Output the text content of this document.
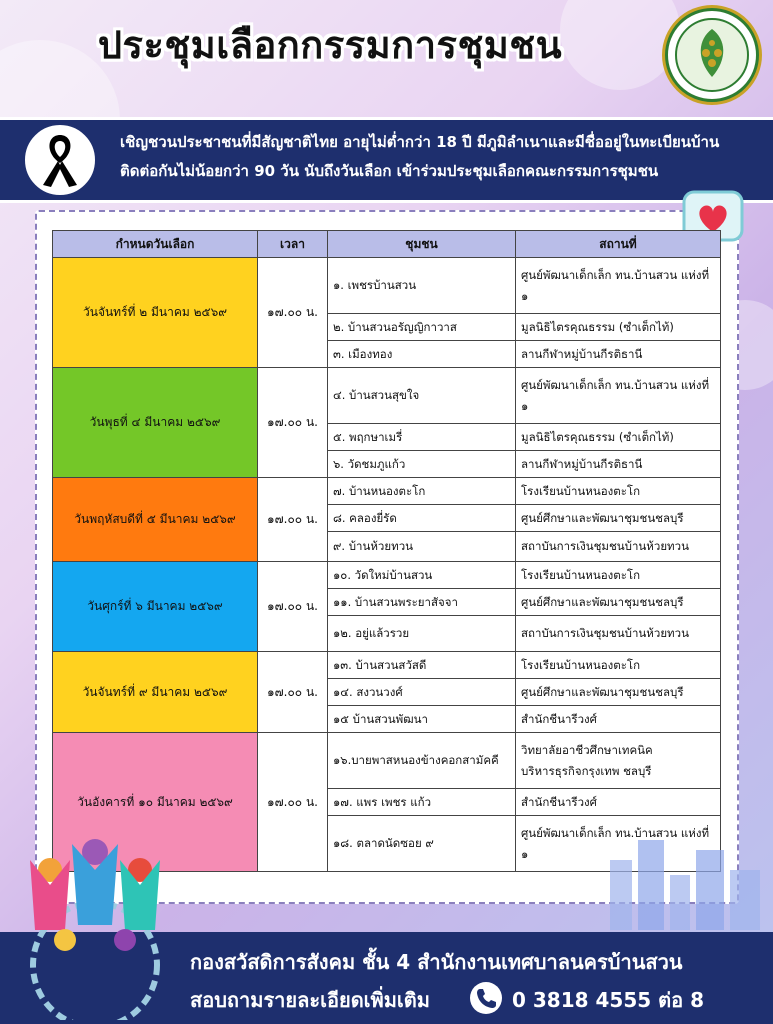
ประชุมเลือกกรรมการชุมชน
เชิญชวนประชาชนที่มีสัญชาติไทย อายุไม่ต่ำกว่า 18 ปี มีภูมิลำเนาและมีชื่ออยู่ในทะเบียนบ้าน
ติดต่อกันไม่น้อยกว่า 90 วัน นับถึงวันเลือก เข้าร่วมประชุมเลือกคณะกรรมการชุมชน
กำหนดวันเลือก	เวลา	ชุมชน	สถานที่
วันจันทร์ที่ ๒ มีนาคม ๒๕๖๙	๑๗.๐๐ น.	๑. เพชรบ้านสวน	ศูนย์พัฒนาเด็กเล็ก ทน.บ้านสวน แห่งที่ ๑
		๒. บ้านสวนอรัญญิกาวาส	มูลนิธิไตรคุณธรรม (ซำเต็กไท้)
		๓. เมืองทอง	ลานกีฬาหมู่บ้านกีรติธานี
วันพุธที่ ๔ มีนาคม ๒๕๖๙	๑๗.๐๐ น.	๔. บ้านสวนสุขใจ	ศูนย์พัฒนาเด็กเล็ก ทน.บ้านสวน แห่งที่ ๑
		๕. พฤกษาเมรี่	มูลนิธิไตรคุณธรรม (ซำเต็กไท้)
		๖. วัดชมภูแก้ว	ลานกีฬาหมู่บ้านกีรติธานี
วันพฤหัสบดีที่ ๕ มีนาคม ๒๕๖๙	๑๗.๐๐ น.	๗. บ้านหนองตะโก	โรงเรียนบ้านหนองตะโก
		๘. คลองยี่รัด	ศูนย์ศึกษาและพัฒนาชุมชนชลบุรี
		๙. บ้านห้วยทวน	สถาบันการเงินชุมชนบ้านห้วยทวน
วันศุกร์ที่ ๖ มีนาคม ๒๕๖๙	๑๗.๐๐ น.	๑๐. วัดใหม่บ้านสวน	โรงเรียนบ้านหนองตะโก
		๑๑. บ้านสวนพระยาสัจจา	ศูนย์ศึกษาและพัฒนาชุมชนชลบุรี
		๑๒. อยู่แล้วรวย	สถาบันการเงินชุมชนบ้านห้วยทวน
วันจันทร์ที่ ๙ มีนาคม ๒๕๖๙	๑๗.๐๐ น.	๑๓. บ้านสวนสวัสดี	โรงเรียนบ้านหนองตะโก
		๑๔. สงวนวงศ์	ศูนย์ศึกษาและพัฒนาชุมชนชลบุรี
		๑๕ บ้านสวนพัฒนา	สำนักชีนารีวงศ์
วันอังคารที่ ๑๐ มีนาคม ๒๕๖๙	๑๗.๐๐ น.	๑๖.บายพาสหนองข้างคอกสามัคคี	วิทยาลัยอาชีวศึกษาเทคนิค บริหารธุรกิจกรุงเทพ ชลบุรี
		๑๗. แพร เพชร แก้ว	สำนักชีนารีวงศ์
		๑๘. ตลาดนัดซอย ๙	ศูนย์พัฒนาเด็กเล็ก ทน.บ้านสวน แห่งที่ ๑
กองสวัสดิการสังคม ชั้น 4 สำนักงานเทศบาลนครบ้านสวน
สอบถามรายละเอียดเพิ่มเติม	0 3818 4555 ต่อ 8
